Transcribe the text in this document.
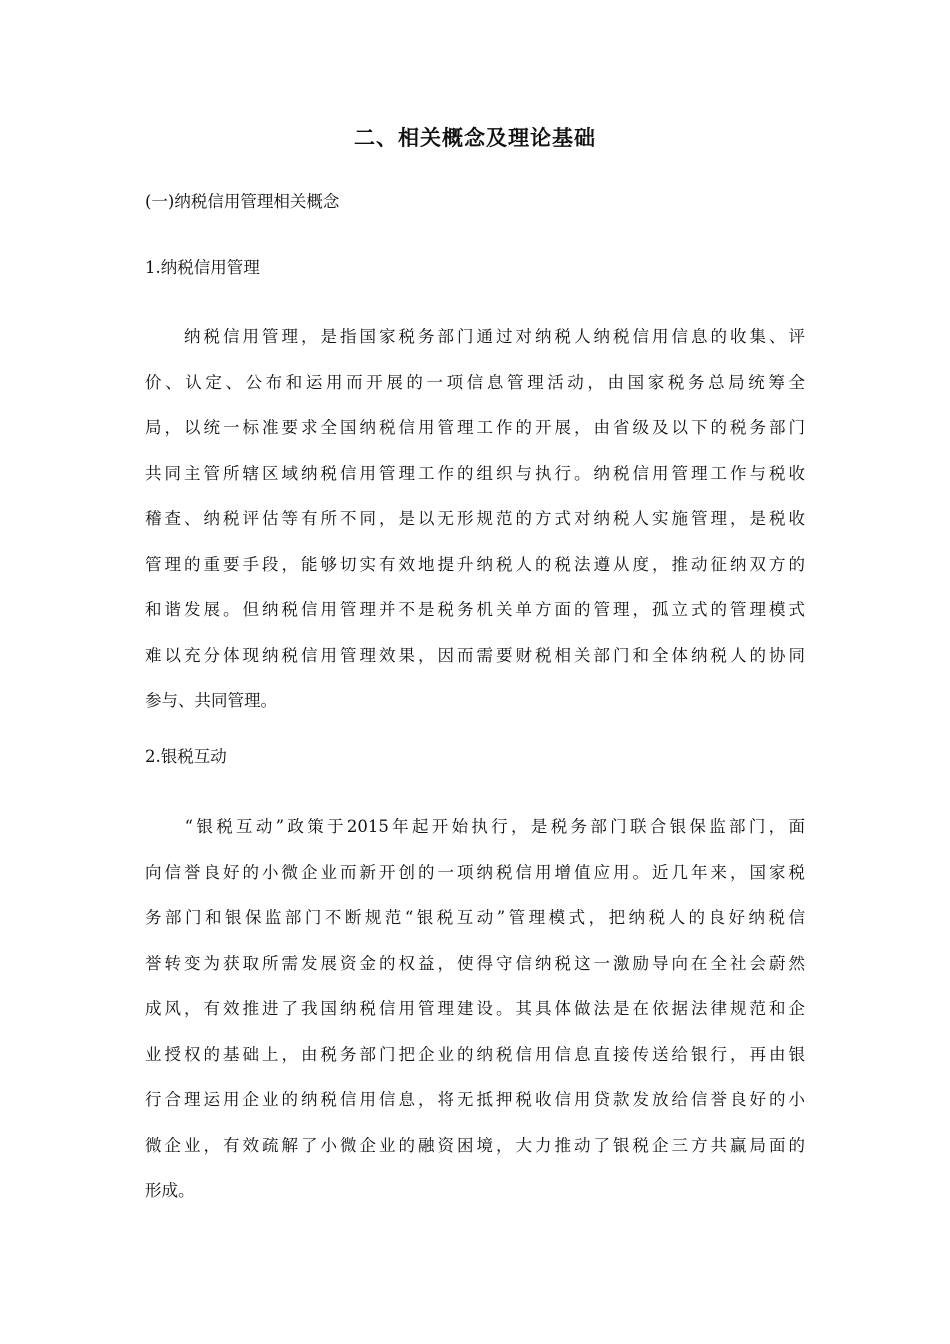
二、相关概念及理论基础
(一)纳税信用管理相关概念
1.纳税信用管理
　　纳税信用管理，是指国家税务部门通过对纳税人纳税信用信息的收集、评
价、认定、公布和运用而开展的一项信息管理活动，由国家税务总局统筹全
局，以统一标准要求全国纳税信用管理工作的开展，由省级及以下的税务部门
共同主管所辖区域纳税信用管理工作的组织与执行。纳税信用管理工作与税收
稽查、纳税评估等有所不同，是以无形规范的方式对纳税人实施管理，是税收
管理的重要手段，能够切实有效地提升纳税人的税法遵从度，推动征纳双方的
和谐发展。但纳税信用管理并不是税务机关单方面的管理，孤立式的管理模式
难以充分体现纳税信用管理效果，因而需要财税相关部门和全体纳税人的协同
参与、共同管理。
2.银税互动
　　“银税互动”政策于2015年起开始执行，是税务部门联合银保监部门，面
向信誉良好的小微企业而新开创的一项纳税信用增值应用。近几年来，国家税
务部门和银保监部门不断规范“银税互动”管理模式，把纳税人的良好纳税信
誉转变为获取所需发展资金的权益，使得守信纳税这一激励导向在全社会蔚然
成风，有效推进了我国纳税信用管理建设。其具体做法是在依据法律规范和企
业授权的基础上，由税务部门把企业的纳税信用信息直接传送给银行，再由银
行合理运用企业的纳税信用信息，将无抵押税收信用贷款发放给信誉良好的小
微企业，有效疏解了小微企业的融资困境，大力推动了银税企三方共赢局面的
形成。
